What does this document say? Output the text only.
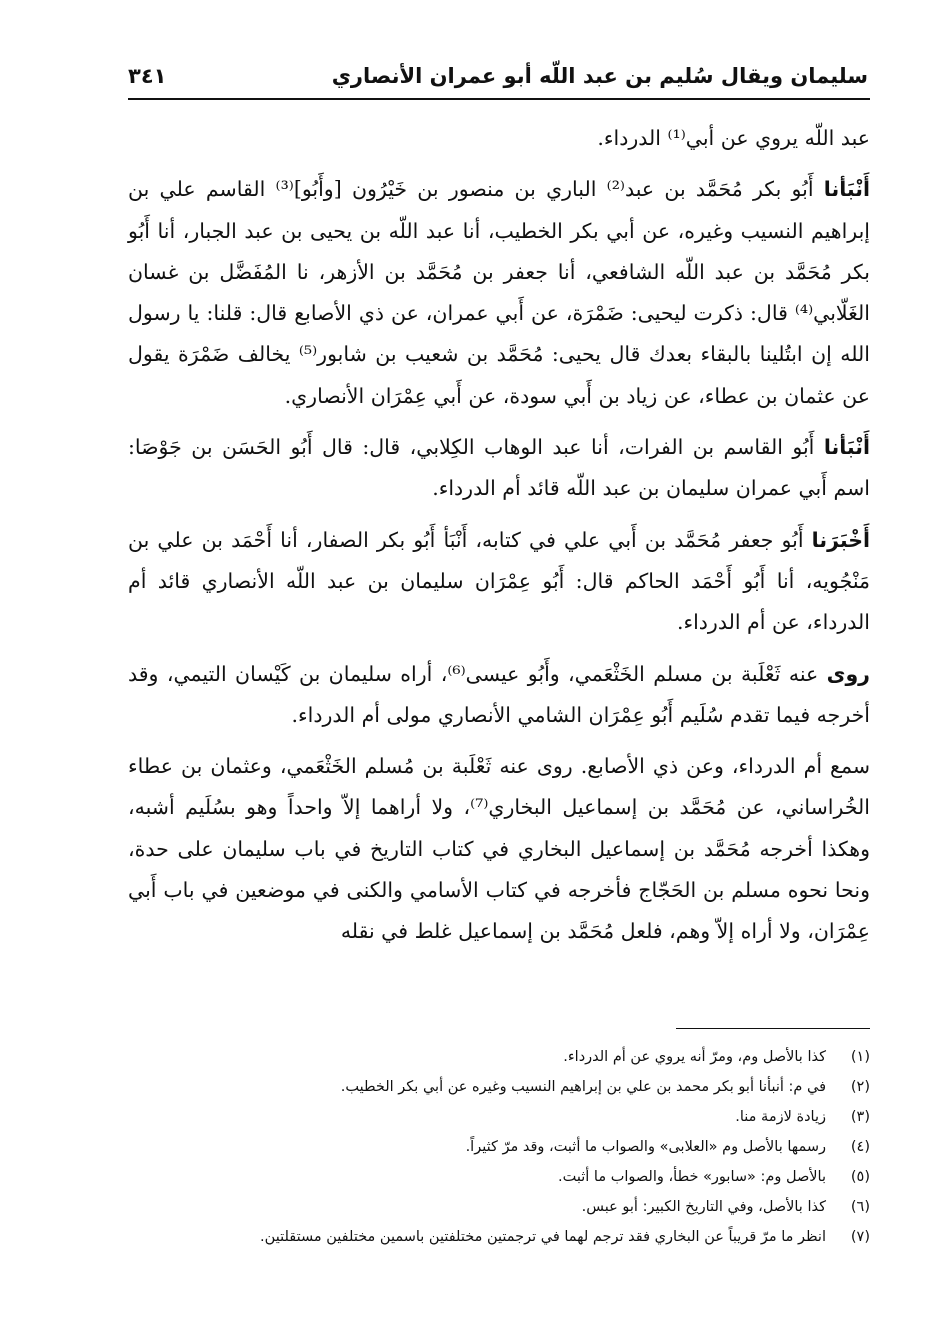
سليمان ويقال سُليم بن عبد اللّه أبو عمران الأنصاري
٣٤١

عبد اللّه يروي عن أبي⁽¹⁾ الدرداء.

أَنْبَأنا أَبُو بكر مُحَمَّد بن عبد⁽²⁾ الباري بن منصور بن خَيْرُون [وأَبُو]⁽³⁾ القاسم علي بن إبراهيم النسيب وغيره، عن أبي بكر الخطيب، أنا عبد اللّه بن يحيى بن عبد الجبار، أنا أَبُو بكر مُحَمَّد بن عبد اللّه الشافعي، أنا جعفر بن مُحَمَّد بن الأزهر، نا المُفَضَّل بن غسان الغَلّابي⁽⁴⁾ قال: ذكرت ليحيى: ضَمْرَة، عن أَبي عمران، عن ذي الأصابع قال: قلنا: يا رسول الله إن ابتُلينا بالبقاء بعدك قال يحيى: مُحَمَّد بن شعيب بن شابور⁽⁵⁾ يخالف ضَمْرَة يقول عن عثمان بن عطاء، عن زياد بن أَبي سودة، عن أَبي عِمْرَان الأنصاري.

أَنْبَأنا أَبُو القاسم بن الفرات، أنا عبد الوهاب الكِلابي، قال: قال أَبُو الحَسَن بن جَوْصَا: اسم أَبي عمران سليمان بن عبد اللّه قائد أم الدرداء.

أَخْبَرَنا أَبُو جعفر مُحَمَّد بن أَبي علي في كتابه، أَنْبَأ أَبُو بكر الصفار، أنا أَحْمَد بن علي بن مَنْجُويه، أنا أَبُو أَحْمَد الحاكم قال: أَبُو عِمْرَان سليمان بن عبد اللّه الأنصاري قائد أم الدرداء، عن أم الدرداء.

روى عنه ثَعْلَبة بن مسلم الخَثْعَمي، وأَبُو عيسى⁽⁶⁾، أراه سليمان بن كَيْسان التيمي، وقد أخرجه فيما تقدم سُلَيم أَبُو عِمْرَان الشامي الأنصاري مولى أم الدرداء.

سمع أم الدرداء، وعن ذي الأصابع. روى عنه ثَعْلَبة بن مُسلم الخَثْعَمي، وعثمان بن عطاء الخُراساني، عن مُحَمَّد بن إسماعيل البخاري⁽⁷⁾، ولا أراهما إلاّ واحداً وهو بسُلَيم أشبه، وهكذا أخرجه مُحَمَّد بن إسماعيل البخاري في كتاب التاريخ في باب سليمان على حدة، ونحا نحوه مسلم بن الحَجّاج فأخرجه في كتاب الأسامي والكنى في موضعين في باب أَبي عِمْرَان، ولا أراه إلاّ وهم، فلعل مُحَمَّد بن إسماعيل غلط في نقله

(١)
كذا بالأصل وم، ومرّ أنه يروي عن أم الدرداء.
(٢)
في م: أنبأنا أبو بكر محمد بن علي بن إبراهيم النسيب وغيره عن أبي بكر الخطيب.
(٣)
زيادة لازمة منا.
(٤)
رسمها بالأصل وم «العلابى» والصواب ما أثبت، وقد مرّ كثيراً.
(٥)
بالأصل وم: «سابور» خطأ، والصواب ما أثبت.
(٦)
كذا بالأصل، وفي التاريخ الكبير: أبو عبس.
(٧)
انظر ما مرّ قريباً عن البخاري فقد ترجم لهما في ترجمتين مختلفتين باسمين مختلفين مستقلتين.
